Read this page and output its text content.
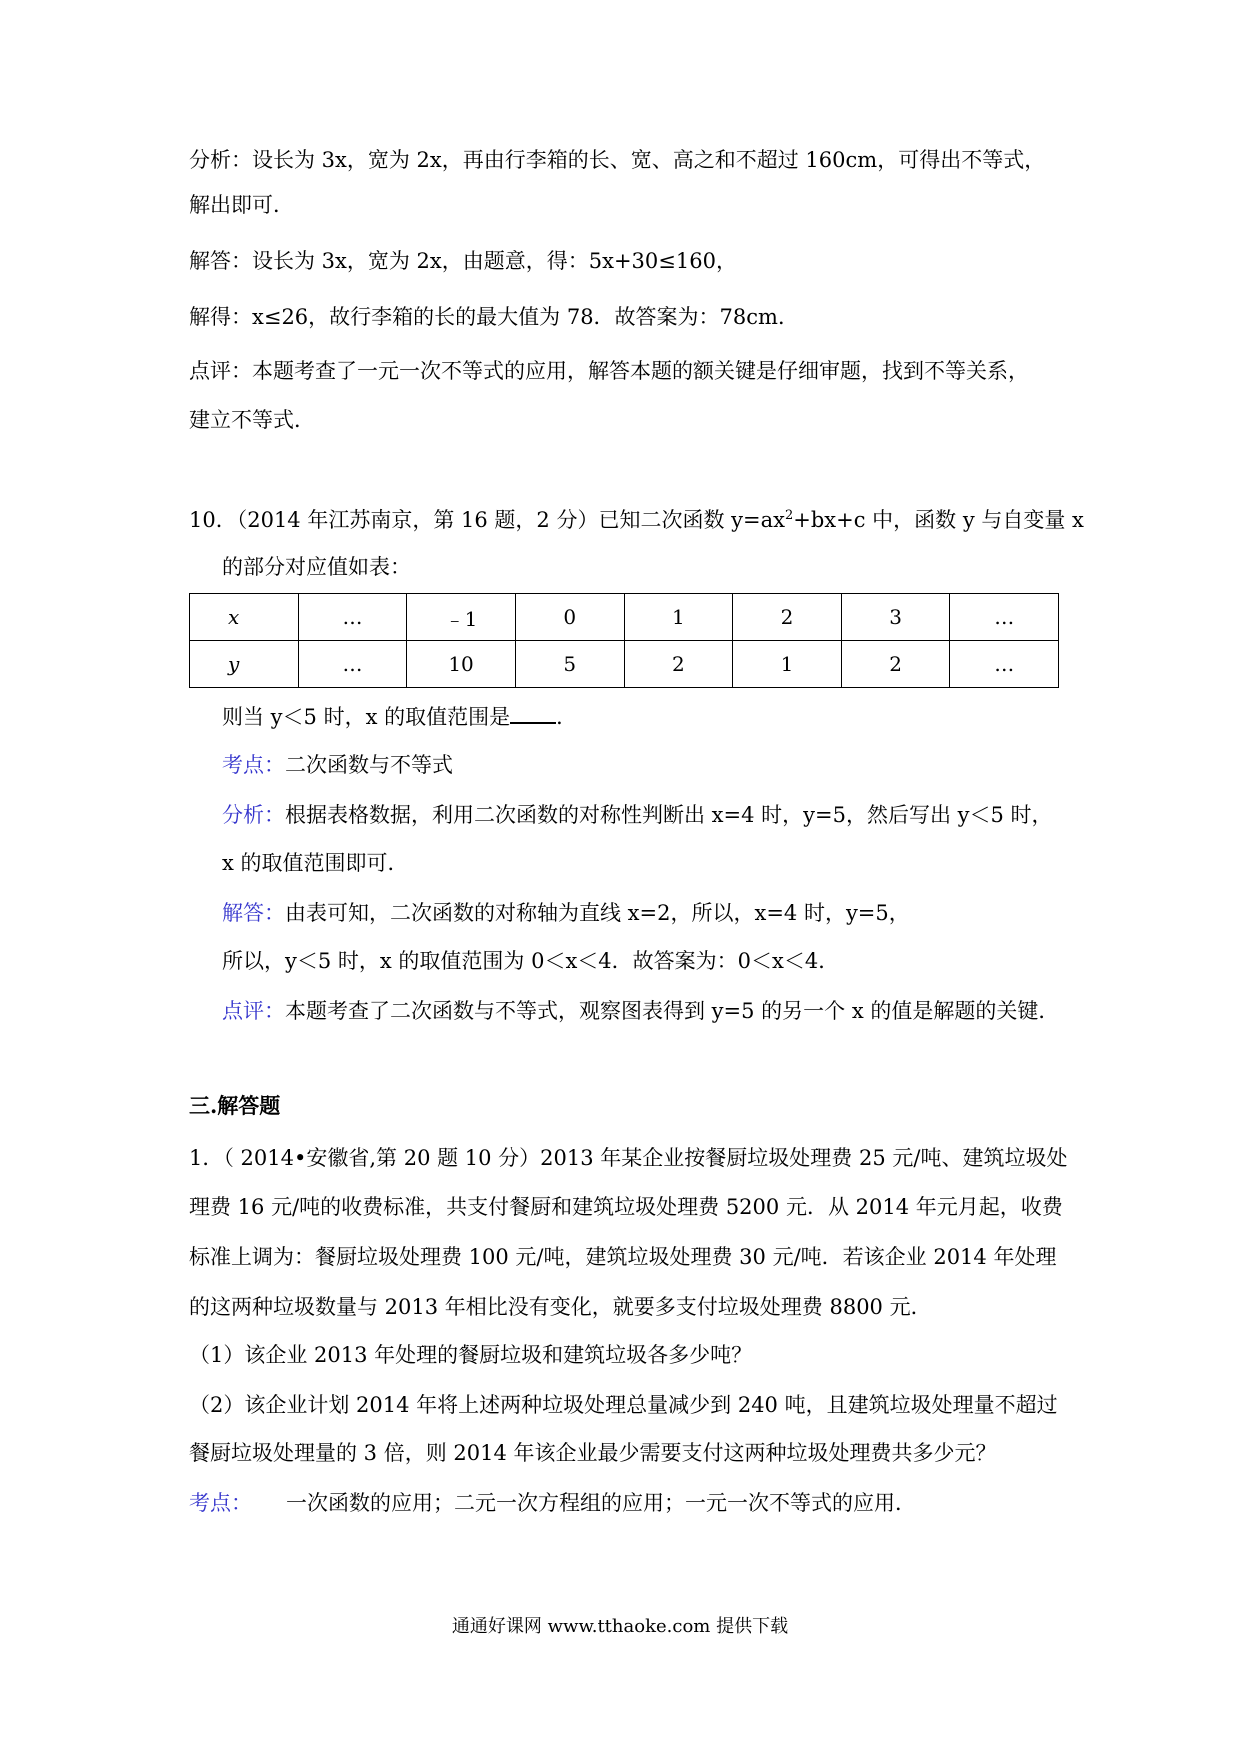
分析：设长为 3x，宽为 2x，再由行李箱的长、宽、高之和不超过 160cm，可得出不等式，
解出即可．
解答：设长为 3x，宽为 2x，由题意，得：5x+30≤160，
解得：x≤26，故行李箱的长的最大值为 78．故答案为：78cm．
点评：本题考查了一元一次不等式的应用，解答本题的额关键是仔细审题，找到不等关系，
建立不等式．
10．（2014 年江苏南京，第 16 题，2 分）已知二次函数 $y=ax^2+bx+c$ 中，函数 y 与自变量 x
的部分对应值如表：
x	…	﹣1	0	1	2	3	…
y	…	10	5	2	1	2	…
则当 y＜5 时，x 的取值范围是 ．
考点：二次函数与不等式
分析：根据表格数据，利用二次函数的对称性判断出 x=4 时，y=5，然后写出 y＜5 时，
x 的取值范围即可．
解答：由表可知，二次函数的对称轴为直线 x=2，所以，x=4 时，y=5，
所以，y＜5 时，x 的取值范围为 0＜x＜4．故答案为：0＜x＜4．
点评：本题考查了二次函数与不等式，观察图表得到 y=5 的另一个 x 的值是解题的关键．
三.解答题
1．（ 2014•安徽省,第 20 题 10 分）2013 年某企业按餐厨垃圾处理费 25 元/吨、建筑垃圾处
理费 16 元/吨的收费标准，共支付餐厨和建筑垃圾处理费 5200 元．从 2014 年元月起，收费
标准上调为：餐厨垃圾处理费 100 元/吨，建筑垃圾处理费 30 元/吨．若该企业 2014 年处理
的这两种垃圾数量与 2013 年相比没有变化，就要多支付垃圾处理费 8800 元．
（1）该企业 2013 年处理的餐厨垃圾和建筑垃圾各多少吨？
（2）该企业计划 2014 年将上述两种垃圾处理总量减少到 240 吨，且建筑垃圾处理量不超过
餐厨垃圾处理量的 3 倍，则 2014 年该企业最少需要支付这两种垃圾处理费共多少元？
考点： 一次函数的应用；二元一次方程组的应用；一元一次不等式的应用．
通通好课网 www.tthaoke.com 提供下载
